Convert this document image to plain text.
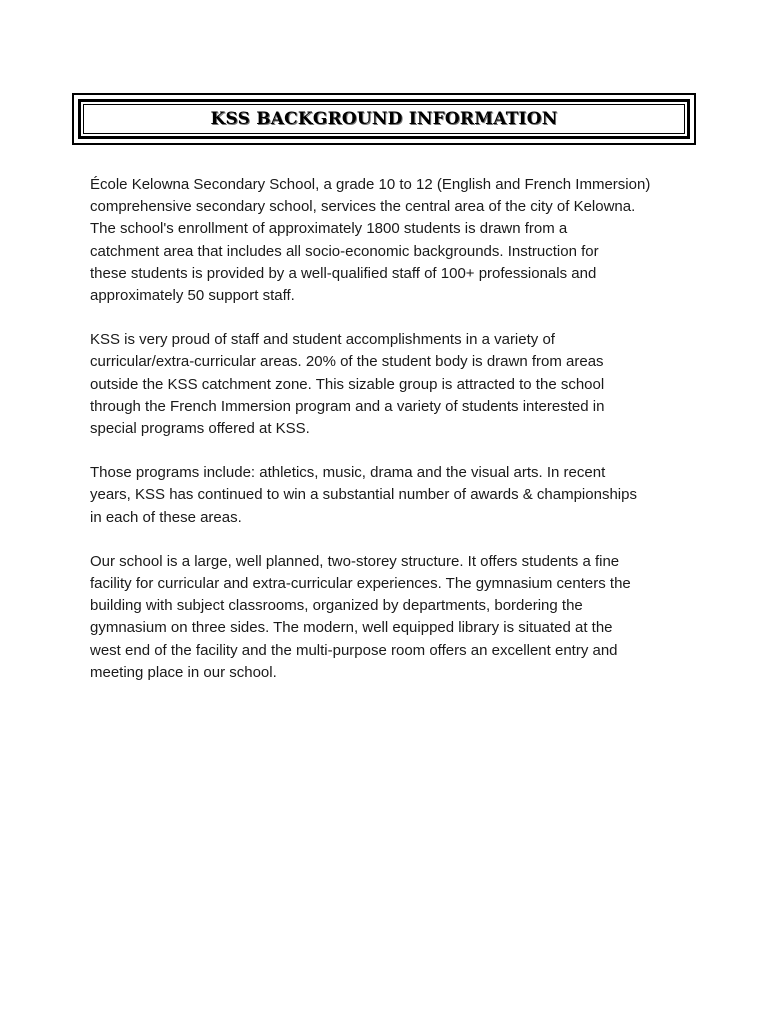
KSS BACKGROUND INFORMATION

École Kelowna Secondary School, a grade 10 to 12 (English and French Immersion)
comprehensive secondary school, services the central area of the city of Kelowna.
The school's enrollment of approximately 1800 students is drawn from a
catchment area that includes all socio-economic backgrounds. Instruction for
these students is provided by a well-qualified staff of 100+ professionals and
approximately 50 support staff.

KSS is very proud of staff and student accomplishments in a variety of
curricular/extra-curricular areas. 20% of the student body is drawn from areas
outside the KSS catchment zone. This sizable group is attracted to the school
through the French Immersion program and a variety of students interested in
special programs offered at KSS.

Those programs include: athletics, music, drama and the visual arts. In recent
years, KSS has continued to win a substantial number of awards & championships
in each of these areas.

Our school is a large, well planned, two-storey structure. It offers students a fine
facility for curricular and extra-curricular experiences. The gymnasium centers the
building with subject classrooms, organized by departments, bordering the
gymnasium on three sides. The modern, well equipped library is situated at the
west end of the facility and the multi-purpose room offers an excellent entry and
meeting place in our school.
